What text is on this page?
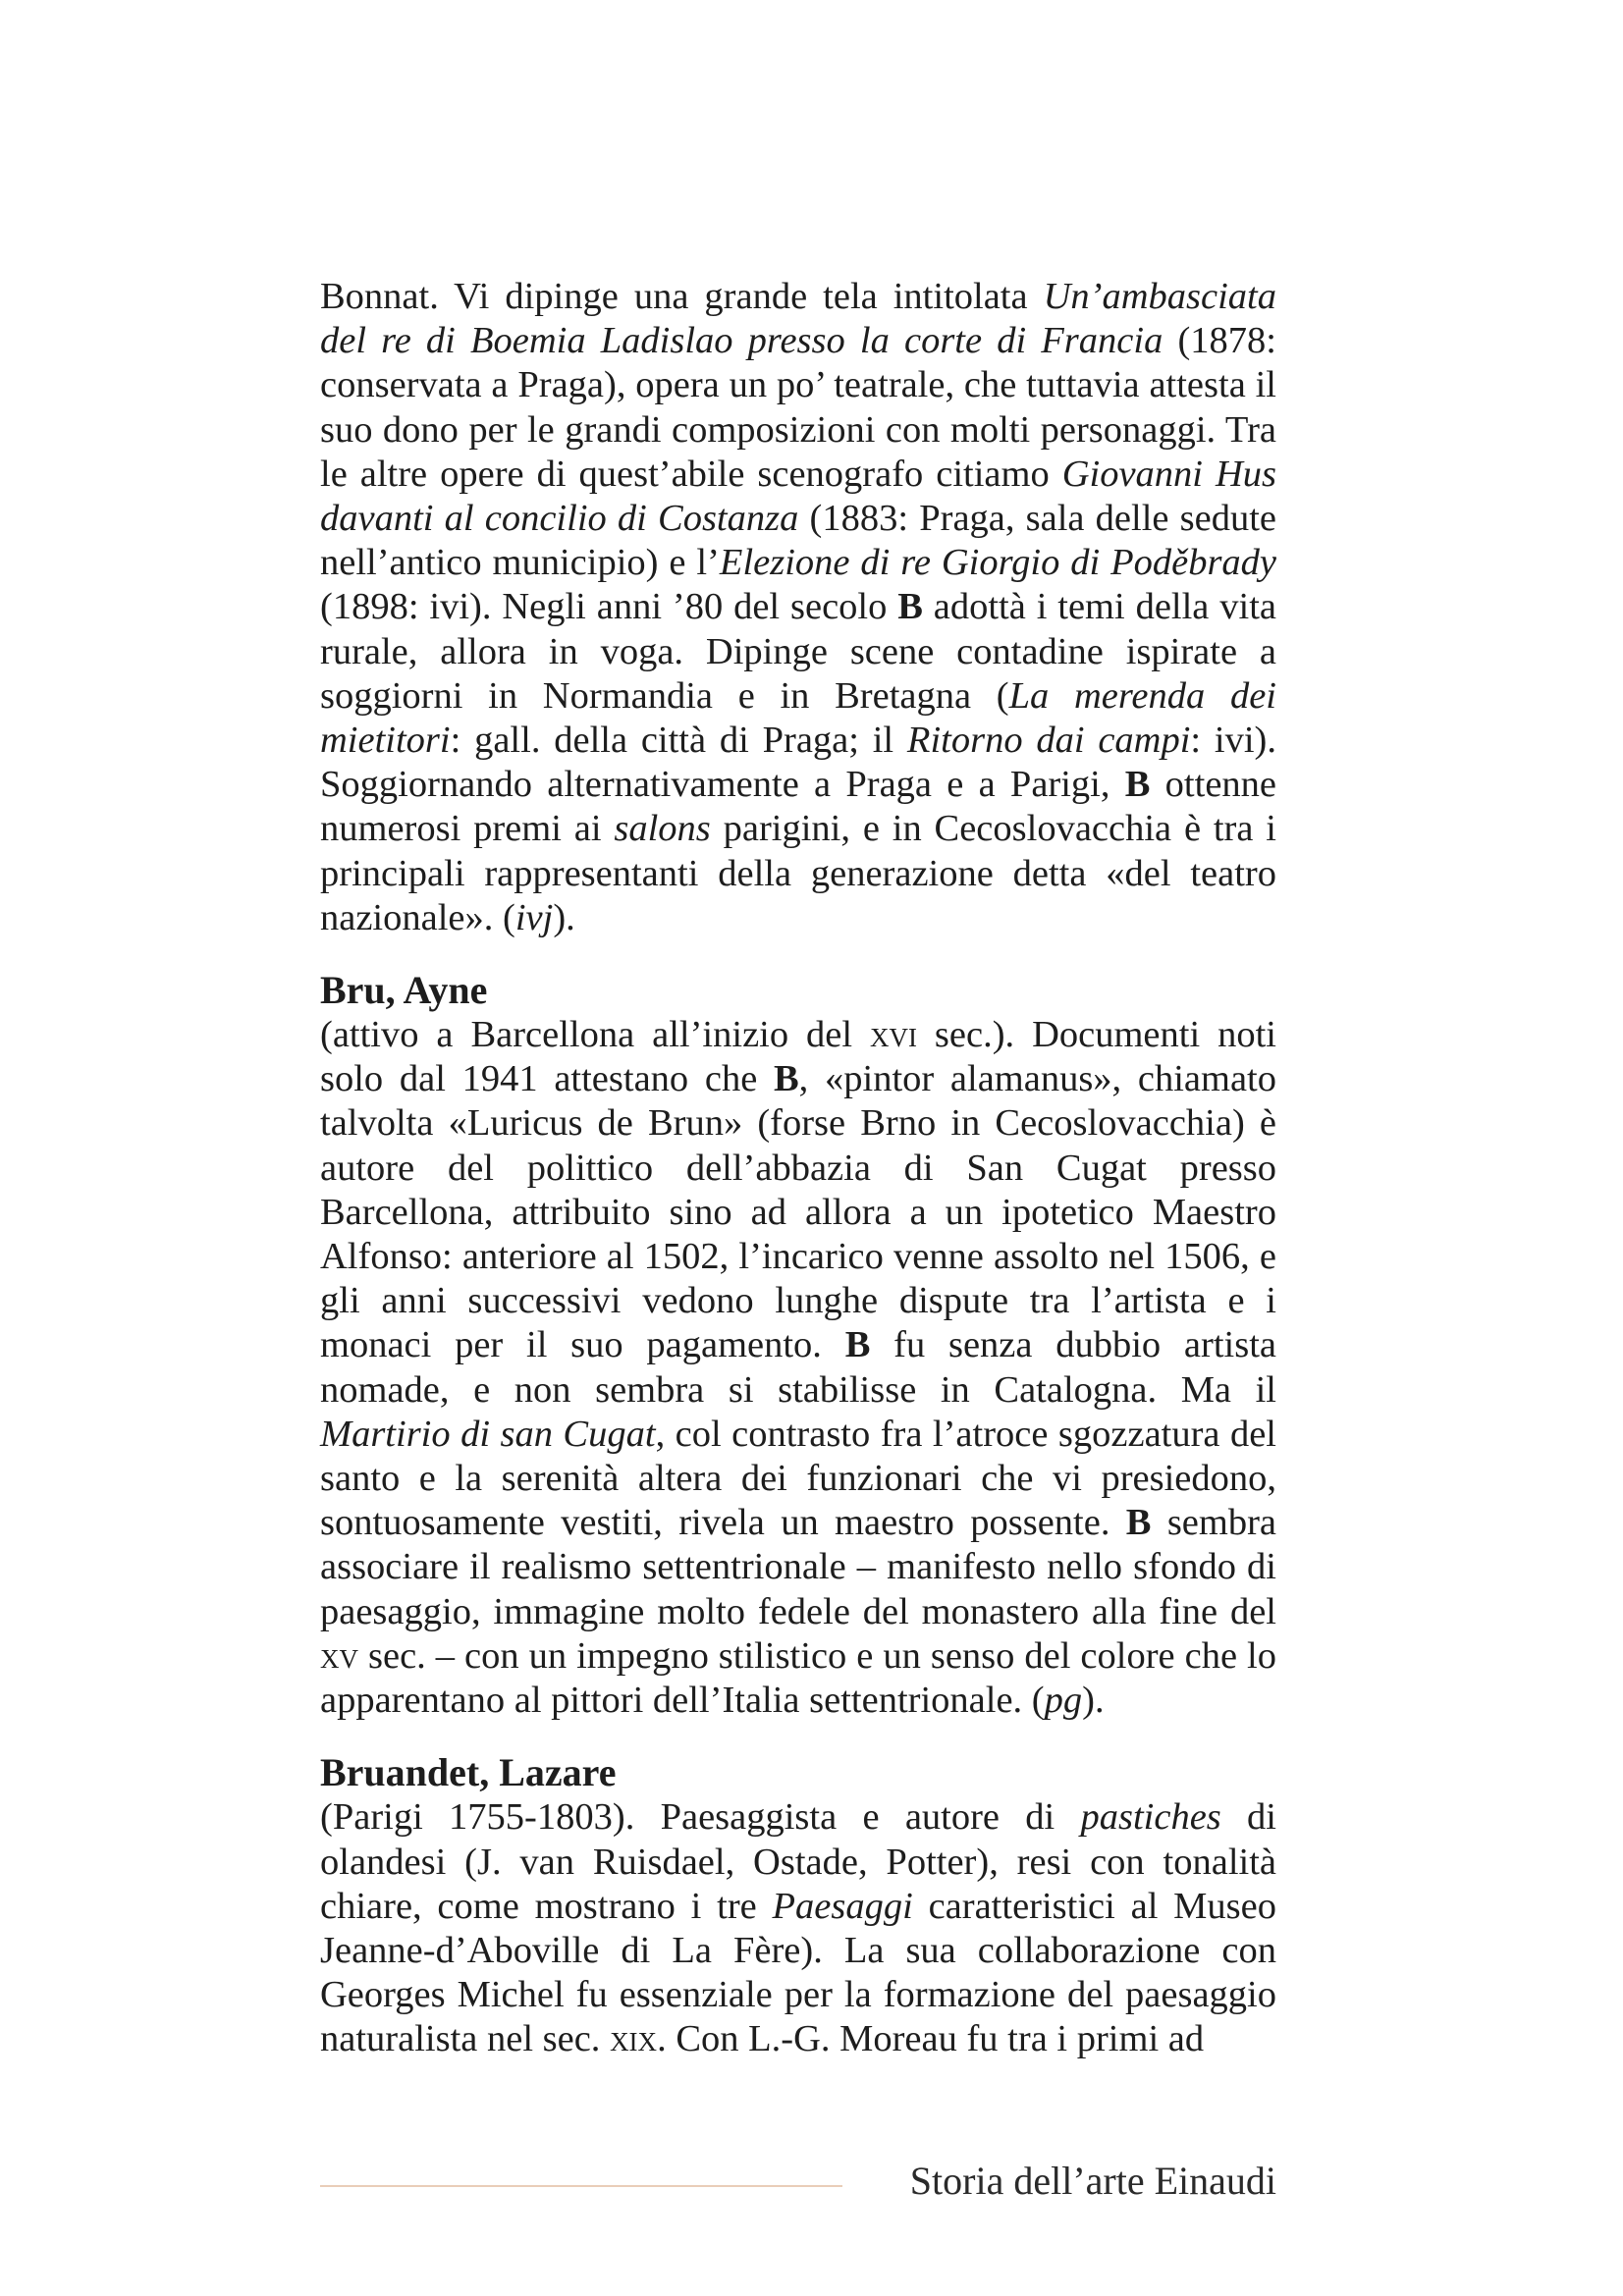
Bonnat. Vi dipinge una grande tela intitolata Un’ambasciata del re di Boemia Ladislao presso la corte di Francia (1878: conservata a Praga), opera un po’ teatrale, che tuttavia attesta il suo dono per le grandi composizioni con molti personaggi. Tra le altre opere di quest’abile scenografo citiamo Giovanni Hus davanti al concilio di Costanza (1883: Praga, sala delle sedute nell’antico municipio) e l’Elezione di re Giorgio di Poděbrady (1898: ivi). Negli anni ’80 del secolo B adottà i temi della vita rurale, allora in voga. Dipinge scene contadine ispirate a soggiorni in Normandia e in Bretagna (La merenda dei mietitori: gall. della città di Praga; il Ritorno dai campi: ivi). Soggiornando alternativamente a Praga e a Parigi, B ottenne numerosi premi ai salons parigini, e in Cecoslovacchia è tra i principali rappresentanti della generazione detta «del teatro nazionale». (ivj).

Bru, Ayne

(attivo a Barcellona all’inizio del xvi sec.). Documenti noti solo dal 1941 attestano che B, «pintor alamanus», chiamato talvolta «Luricus de Brun» (forse Brno in Cecoslovacchia) è autore del polittico dell’abbazia di San Cugat presso Barcellona, attribuito sino ad allora a un ipotetico Maestro Alfonso: anteriore al 1502, l’incarico venne assolto nel 1506, e gli anni successivi vedono lunghe dispute tra l’artista e i monaci per il suo pagamento. B fu senza dubbio artista nomade, e non sembra si stabilisse in Catalogna. Ma il Martirio di san Cugat, col contrasto fra l’atroce sgozzatura del santo e la serenità altera dei funzionari che vi presiedono, sontuosamente vestiti, rivela un maestro possente. B sembra associare il realismo settentrionale – manifesto nello sfondo di paesaggio, immagine molto fedele del monastero alla fine del xv sec. – con un impegno stilistico e un senso del colore che lo apparentano al pittori dell’Italia settentrionale. (pg).

Bruandet, Lazare

(Parigi 1755-1803). Paesaggista e autore di pastiches di olandesi (J. van Ruisdael, Ostade, Potter), resi con tonalità chiare, come mostrano i tre Paesaggi caratteristici al Museo Jeanne-d’Aboville di La Fère). La sua collaborazione con Georges Michel fu essenziale per la formazione del paesaggio naturalista nel sec. xix. Con L.-G. Moreau fu tra i primi ad

Storia dell’arte Einaudi
